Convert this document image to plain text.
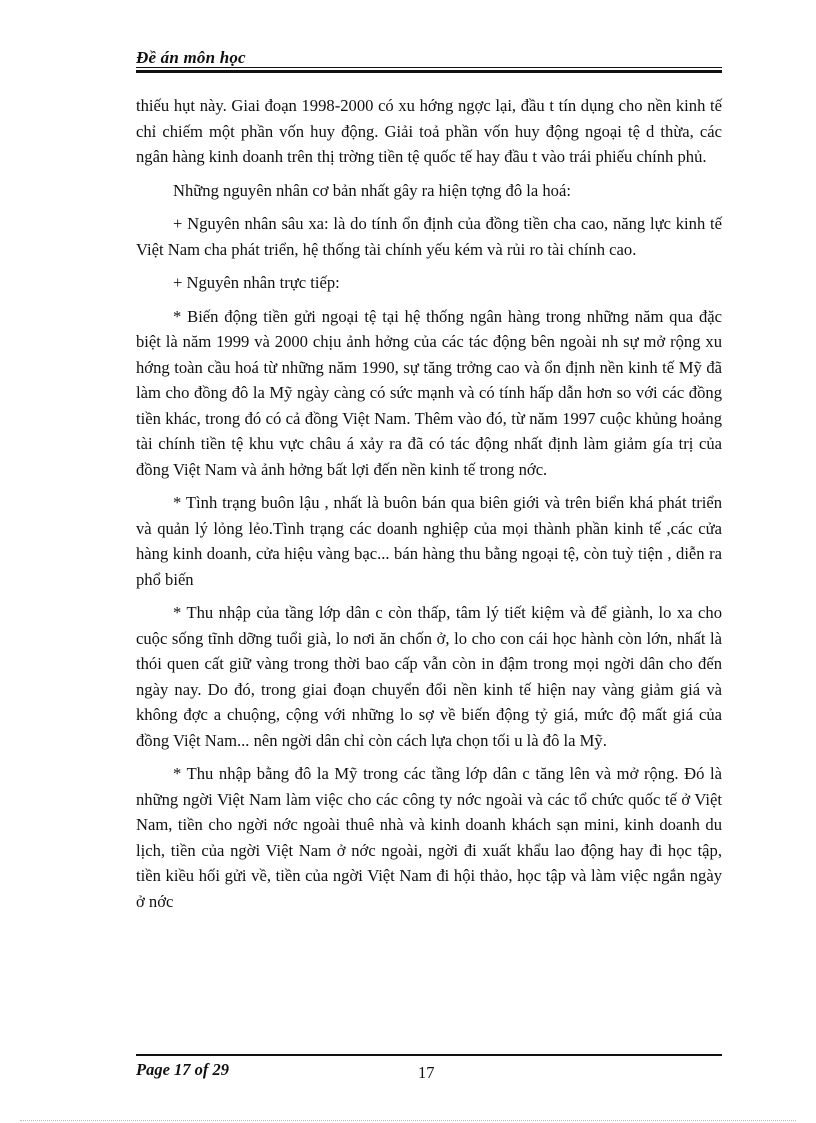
Đề án môn học

thiếu hụt này. Giai đoạn 1998-2000 có xu hớng ngợc lại, đầu t tín dụng cho nền kinh tế chỉ chiếm một phần vốn huy động. Giải toả phần vốn huy động ngoại tệ d thừa, các ngân hàng kinh doanh trên thị trờng tiền tệ quốc tế hay đầu t vào trái phiếu chính phủ.

Những nguyên nhân cơ bản nhất gây ra hiện tợng đô la hoá:

+ Nguyên nhân sâu xa: là do tính ổn định của đồng tiền cha cao, năng lực kinh tế Việt Nam cha phát triển, hệ thống tài chính yếu kém và rủi ro tài chính cao.

+ Nguyên nhân trực tiếp:

* Biến động tiền gửi ngoại tệ tại hệ thống ngân hàng trong những năm qua đặc biệt là năm 1999 và 2000 chịu ảnh hởng của các tác động bên ngoài nh sự mở rộng xu hớng toàn cầu hoá từ những năm 1990, sự tăng trởng cao và ổn định nền kinh tế Mỹ đã làm cho đồng đô la Mỹ ngày càng có sức mạnh và có tính hấp dẫn hơn so với các đồng tiền khác, trong đó có cả đồng Việt Nam. Thêm vào đó, từ năm 1997 cuộc khủng hoảng tài chính tiền tệ khu vực châu á xảy ra đã có tác động nhất định làm giảm gía trị của đồng Việt Nam và ảnh hởng bất lợi đến nền kinh tế trong nớc.

* Tình trạng buôn lậu , nhất là buôn bán qua biên giới và trên biển khá phát triển và quản lý lỏng lẻo.Tình trạng các doanh nghiệp của mọi thành phần kinh tế ,các cửa hàng kinh doanh, cửa hiệu vàng bạc... bán hàng thu bằng ngoại tệ, còn tuỳ tiện , diễn ra phổ biến

* Thu nhập của tầng lớp dân c còn thấp, tâm lý tiết kiệm và để giành, lo xa cho cuộc sống tĩnh dỡng tuổi già, lo nơi ăn chốn ở, lo cho con cái học hành còn lớn, nhất là thói quen cất giữ vàng trong thời bao cấp vẫn còn in đậm trong mọi ngời dân cho đến ngày nay. Do đó, trong giai đoạn chuyển đổi nền kinh tế hiện nay vàng giảm giá và không đợc a chuộng, cộng với những lo sợ về biến động tỷ giá, mức độ mất giá của đồng Việt Nam... nên ngời dân chỉ còn cách lựa chọn tối u là đô la Mỹ.

* Thu nhập bằng đô la Mỹ trong các tầng lớp dân c tăng lên và mở rộng. Đó là những ngời Việt Nam làm việc cho các công ty nớc ngoài và các tổ chức quốc tế ở Việt Nam, tiền cho ngời nớc ngoài thuê nhà và kinh doanh khách sạn mini, kinh doanh du lịch, tiền của ngời Việt Nam ở nớc ngoài, ngời đi xuất khẩu lao động hay đi học tập, tiền kiều hối gửi về, tiền của ngời Việt Nam đi hội thảo, học tập và làm việc ngắn ngày ở nớc

Page 17 of 29	17
